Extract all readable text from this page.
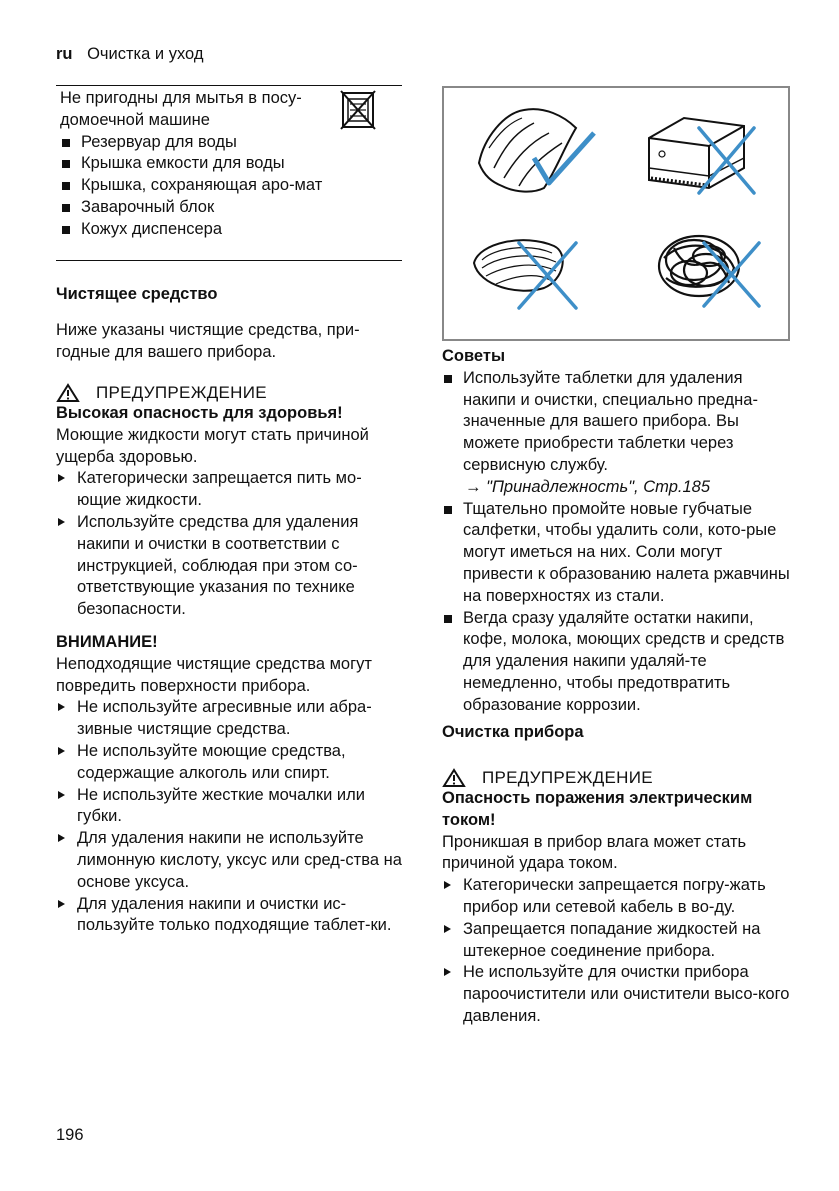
ru Очистка и уход

Не пригодны для мытья в посу-домоечной машине

Резервуар для воды
Крышка емкости для воды
Крышка, сохраняющая аро-мат
Заварочный блок
Кожух диспенсера
Чистящее средство

Ниже указаны чистящие средства, при-годные для вашего прибора.

ПРЕДУПРЕЖДЕНИЕ

Высокая опасность для здоровья!

Моющие жидкости могут стать причиной ущерба здоровью.

Категорически запрещается пить мо-ющие жидкости.
Используйте средства для удаления накипи и очистки в соответствии с инструкцией, соблюдая при этом со-ответствующие указания по технике безопасности.

ВНИМАНИЕ!

Неподходящие чистящие средства могут повредить поверхности прибора.

Не используйте агресивные или абра-зивные чистящие средства.
Не используйте моющие средства, содержащие алкоголь или спирт.
Не используйте жесткие мочалки или губки.
Для удаления накипи не используйте лимонную кислоту, уксус или сред-ства на основе уксуса.
Для удаления накипи и очистки ис-пользуйте только подходящие таблет-ки.

Советы

Используйте таблетки для удаления накипи и очистки, специально предна-значенные для вашего прибора. Вы можете приобрести таблетки через сервисную службу.
→ "Принадлежность", Стр.185
Тщательно промойте новые губчатые салфетки, чтобы удалить соли, кото-рые могут иметься на них. Соли могут привести к образованию налета ржавчины на поверхностях из стали.
Вегда сразу удаляйте остатки накипи, кофе, молока, моющих средств и средств для удаления накипи удаляй-те немедленно, чтобы предотвратить образование коррозии.
Очистка прибора
ПРЕДУПРЕЖДЕНИЕ

Опасность поражения электрическим током!

Проникшая в прибор влага может стать причиной удара током.

Категорически запрещается погру-жать прибор или сетевой кабель в во-ду.
Запрещается попадание жидкостей на штекерное соединение прибора.
Не используйте для очистки прибора пароочистители или очистители высо-кого давления.
196
